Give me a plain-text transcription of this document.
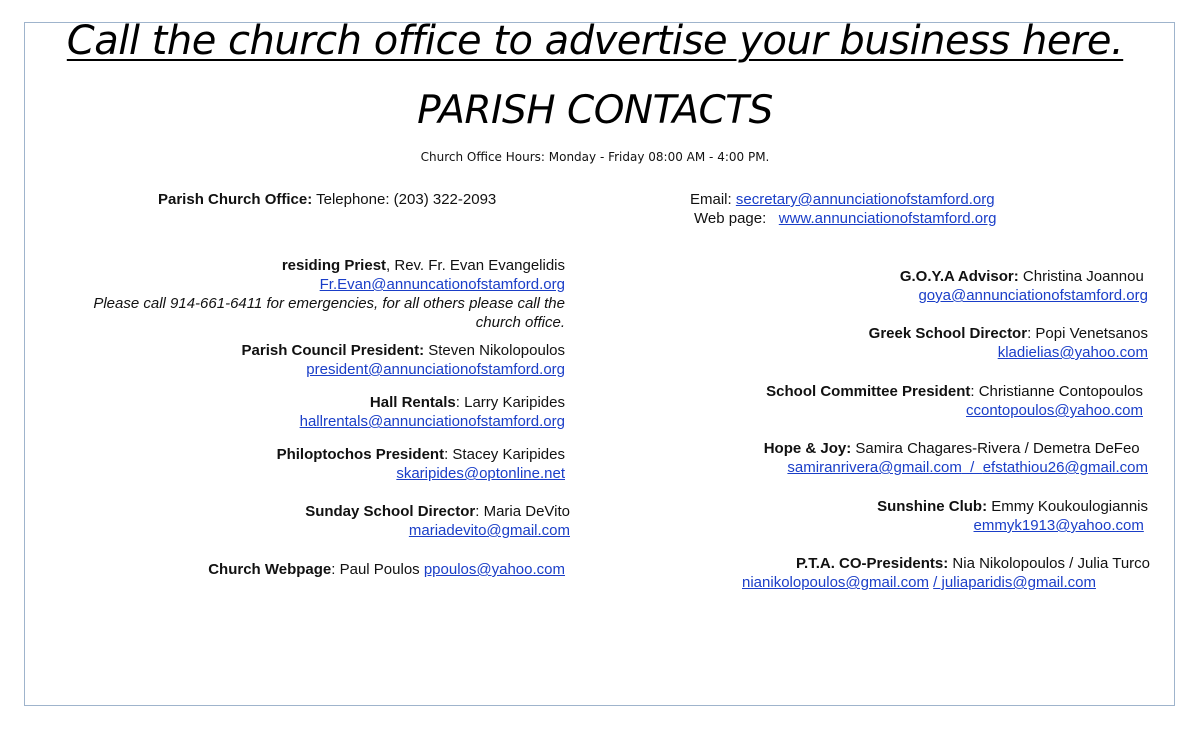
Call the church office to advertise your business here.
PARISH CONTACTS
Church Office Hours: Monday - Friday 08:00 AM - 4:00 PM.
Parish Church Office: Telephone: (203) 322-2093	Email: secretary@annunciationofstamford.org
Web page: www.annunciationofstamford.org
residing Priest, Rev. Fr. Evan Evangelidis
Fr.Evan@annuncationofstamford.org
Please call 914-661-6411 for emergencies, for all others please call the
church office.
Parish Council President: Steven Nikolopoulos
president@annunciationofstamford.org
Hall Rentals: Larry Karipides
hallrentals@annunciationofstamford.org
Philoptochos President: Stacey Karipides
skaripides@optonline.net
Sunday School Director: Maria DeVito
mariadevito@gmail.com
Church Webpage: Paul Poulos ppoulos@yahoo.com
G.O.Y.A Advisor: Christina Joannou
goya@annunciationofstamford.org
Greek School Director: Popi Venetsanos
kladielias@yahoo.com
School Committee President: Christianne Contopoulos
ccontopoulos@yahoo.com
Hope & Joy: Samira Chagares-Rivera / Demetra DeFeo
samiranrivera@gmail.com  /  efstathiou26@gmail.com
Sunshine Club: Emmy Koukoulogiannis
emmyk1913@yahoo.com
P.T.A. CO-Presidents: Nia Nikolopoulos / Julia Turco
nianikolopoulos@gmail.com / juliaparidis@gmail.com
